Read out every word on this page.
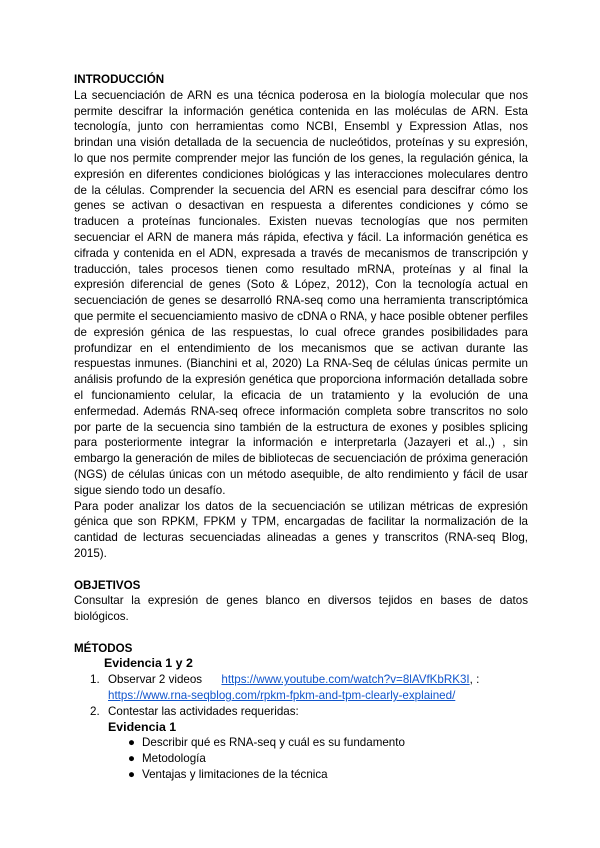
INTRODUCCIÓN

La secuenciación de ARN es una técnica poderosa en la biología molecular que nos permite descifrar la información genética contenida en las moléculas de ARN. Esta tecnología, junto con herramientas como NCBI, Ensembl y Expression Atlas, nos brindan una visión detallada de la secuencia de nucleótidos, proteínas y su expresión, lo que nos permite comprender mejor las función de los genes, la regulación génica, la expresión en diferentes condiciones biológicas y las interacciones moleculares dentro de la células. Comprender la secuencia del ARN es esencial para descifrar cómo los genes se activan o desactivan en respuesta a diferentes condiciones y cómo se traducen a proteínas funcionales. Existen nuevas tecnologías que nos permiten secuenciar el ARN de manera más rápida, efectiva y fácil. La información genética es cifrada y contenida en el ADN, expresada a través de mecanismos de transcripción y traducción, tales procesos tienen como resultado mRNA, proteínas y al final la expresión diferencial de genes (Soto & López, 2012), Con la tecnología actual en secuenciación de genes se desarrolló RNA-seq como una herramienta transcriptómica que permite el secuenciamiento masivo de cDNA o RNA, y hace posible obtener perfiles de expresión génica de las respuestas, lo cual ofrece grandes posibilidades para profundizar en el entendimiento de los mecanismos que se activan durante las respuestas inmunes. (Bianchini et al, 2020) La RNA-Seq de células únicas permite un análisis profundo de la expresión genética que proporciona información detallada sobre el funcionamiento celular, la eficacia de un tratamiento y la evolución de una enfermedad. Además RNA-seq ofrece información completa sobre transcritos no solo por parte de la secuencia sino también de la estructura de exones y posibles splicing para posteriormente integrar la información e interpretarla (Jazayeri et al.,) , sin embargo la generación de miles de bibliotecas de secuenciación de próxima generación (NGS) de células únicas con un método asequible, de alto rendimiento y fácil de usar sigue siendo todo un desafío.

Para poder analizar los datos de la secuenciación se utilizan métricas de expresión génica que son RPKM, FPKM y TPM, encargadas de facilitar la normalización de la cantidad de lecturas secuenciadas alineadas a genes y transcritos (RNA-seq Blog, 2015).

OBJETIVOS

Consultar la expresión de genes blanco en diversos tejidos en bases de datos biológicos.

MÉTODOS

Evidencia 1 y 2

1. Observar 2 videos https://www.youtube.com/watch?v=8lAVfKbRK3I, :
https://www.rna-seqblog.com/rpkm-fpkm-and-tpm-clearly-explained/
2. Contestar las actividades requeridas:

Evidencia 1

● Describir qué es RNA-seq y cuál es su fundamento
● Metodología
● Ventajas y limitaciones de la técnica
